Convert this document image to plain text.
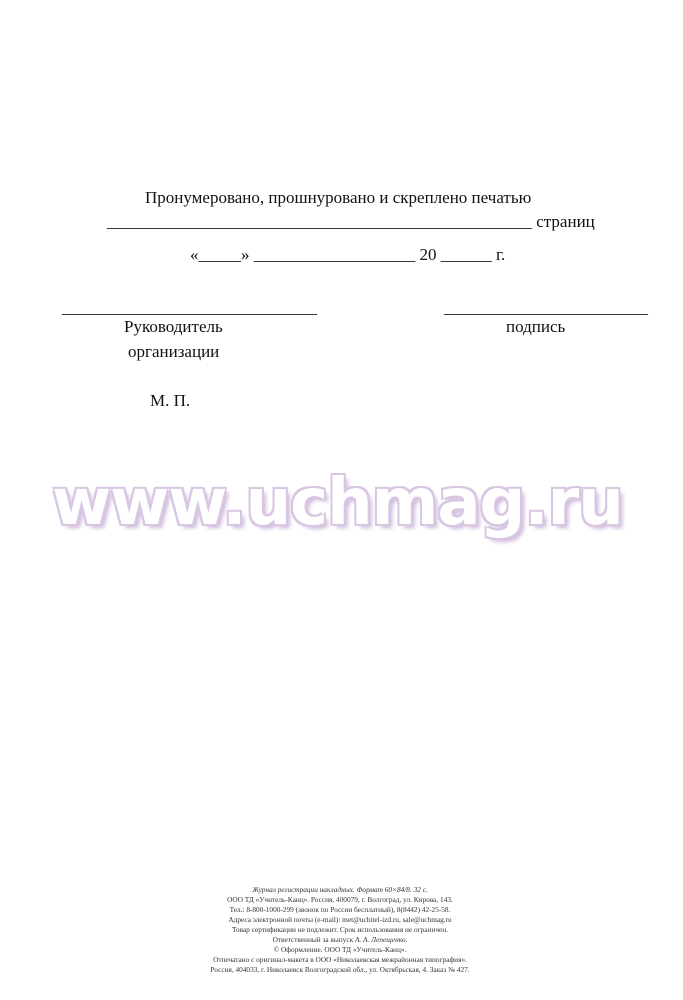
Пронумеровано, прошнуровано и скреплено печатью
__________________________________________________ страниц
«_____» ___________________ 20 ______ г.
______________________________	________________________
Руководитель
организации
подпись
М. П.
www.uchmag.ru
Журнал регистрации накладных. Формат 60×84/8. 32 с.
ООО ТД «Учитель-Канц». Россия, 400079, г. Волгоград, ул. Кирова, 143.
Тел.: 8-800-1000-299 (звонок по России бесплатный), 8(8442) 42-25-58.
Адреса электронной почты (e-mail): met@uchitel-izd.ru, sale@uchmag.ru
Товар сертификации не подлежит. Срок использования не ограничен.
Ответственный за выпуск А. А. Лепещенко.
© Оформление. ООО ТД «Учитель-Канц».
Отпечатано с оригинал-макета в ООО «Николаевская межрайонная типография».
Россия, 404033, г. Николаевск Волгоградской обл., ул. Октябрьская, 4. Заказ № 427.
